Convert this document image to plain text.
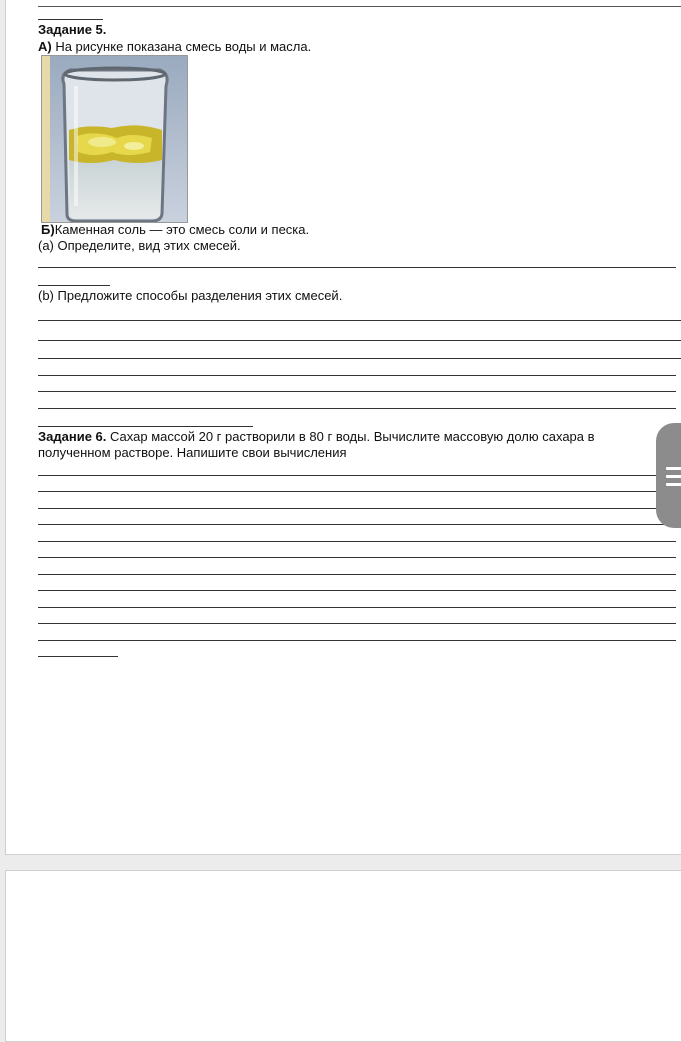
Задание 5.
А) На рисунке показана смесь воды и масла.
Б)Каменная соль — это смесь соли и песка.
(a) Определите, вид этих смесей.
(b) Предложите способы разделения этих смесей.
Задание 6. Сахар массой 20 г растворили в 80 г воды. Вычислите массовую долю сахара в
полученном растворе. Напишите свои вычисления
